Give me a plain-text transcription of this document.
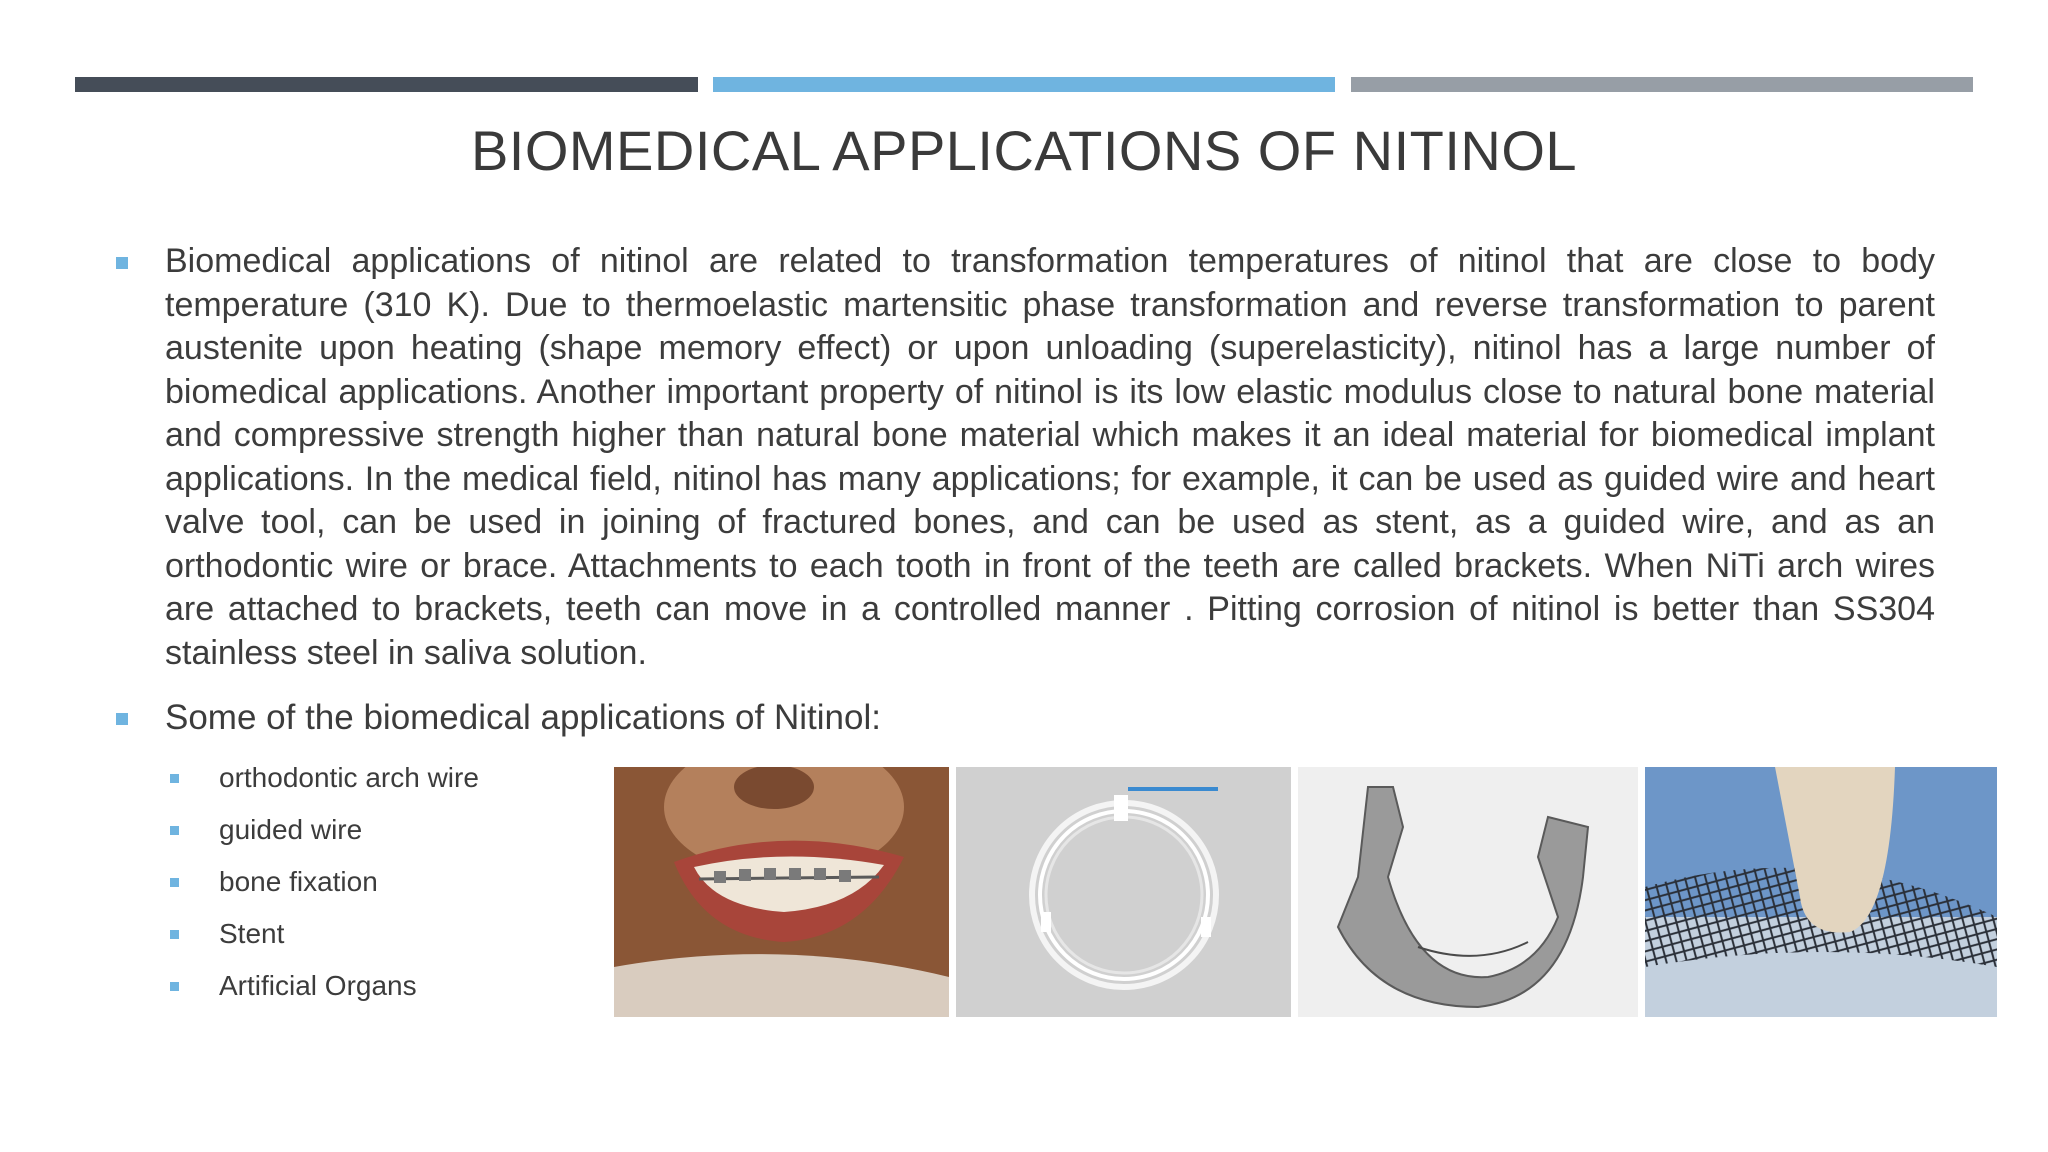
BIOMEDICAL APPLICATIONS OF NITINOL

Biomedical applications of nitinol are related to transformation temperatures of nitinol that are close to body temperature (310 K). Due to thermoelastic martensitic phase transformation and reverse transformation to parent austenite upon heating (shape memory effect) or upon unloading (superelasticity), nitinol has a large number of biomedical applications. Another important property of nitinol is its low elastic modulus close to natural bone material and compressive strength higher than natural bone material which makes it an ideal material for biomedical implant applications. In the medical field, nitinol has many applications; for example, it can be used as guided wire and heart valve tool, can be used in joining of fractured bones, and can be used as stent, as a guided wire, and as an orthodontic wire or brace. Attachments to each tooth in front of the teeth are called brackets. When NiTi arch wires are attached to brackets, teeth can move in a controlled manner . Pitting corrosion of nitinol is better than SS304 stainless steel in saliva solution.

Some of the biomedical applications of Nitinol:

orthodontic arch wire
guided wire
bone fixation
Stent
Artificial Organs
